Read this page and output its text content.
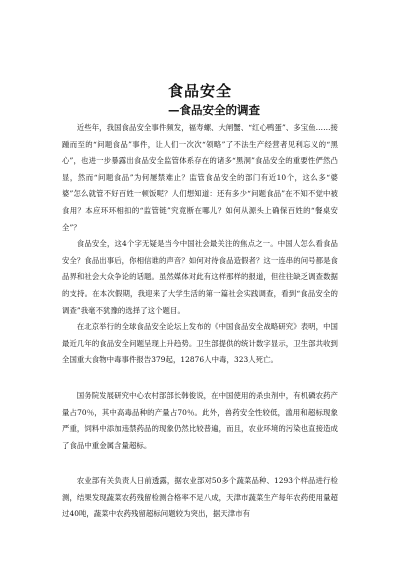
食品安全
—食品安全的调查

近些年，我国食品安全事件频发，福寿螺、大闸蟹、“红心鸭蛋”、多宝鱼……接踵而至的“问题食品”事件，让人们一次次“领略”了不法生产经营者见利忘义的“黑心”，也进一步暴露出食品安全监管体系存在的诸多“黑洞”食品安全的重要性俨然凸显，然而“问题食品”为何屡禁难止？监管食品安全的部门有近10个，这么多“婆婆”怎么就管不好百姓一顿饭呢？人们想知道：还有多少“问题食品”在不知不觉中被食用？本应环环相扣的“监管链”究竟断在哪儿？如何从源头上确保百姓的“餐桌安全”？

食品安全，这4个字无疑是当今中国社会最关注的焦点之一。中国人怎么看食品安全？食品出事后，你相信谁的声音？如何对待食品造假者？这一连串的问号都是食品界和社会大众争论的话题。虽然媒体对此有这样那样的报道，但往往缺乏调查数据的支持。在本次假期，我迎来了大学生活的第一篇社会实践调查，看到“食品安全的调查”我毫不犹豫的选择了这个题目。

在北京举行的全球食品安全论坛上发布的《中国食品安全战略研究》表明，中国最近几年的食品安全问题呈现上升趋势。卫生部提供的统计数字显示，卫生部共收到全国重大食物中毒事件报告379起，12876人中毒，323人死亡。

国务院发展研究中心农村部部长韩俊说，在中国使用的杀虫剂中，有机磷农药产量占70％，其中高毒品种的产量占70％。此外，兽药安全性较低，滥用和超标现象严重，饲料中添加违禁药品的现象仍然比较普遍，而且，农业环境的污染也直接造成了食品中重金属含量超标。

农业部有关负责人日前透露，据农业部对50多个蔬菜品种、1293个样品进行检测，结果发现蔬菜农药残留检测合格率不足八成，天津市蔬菜生产每年农药使用量超过40吨，蔬菜中农药残留超标问题较为突出，据天津市有
